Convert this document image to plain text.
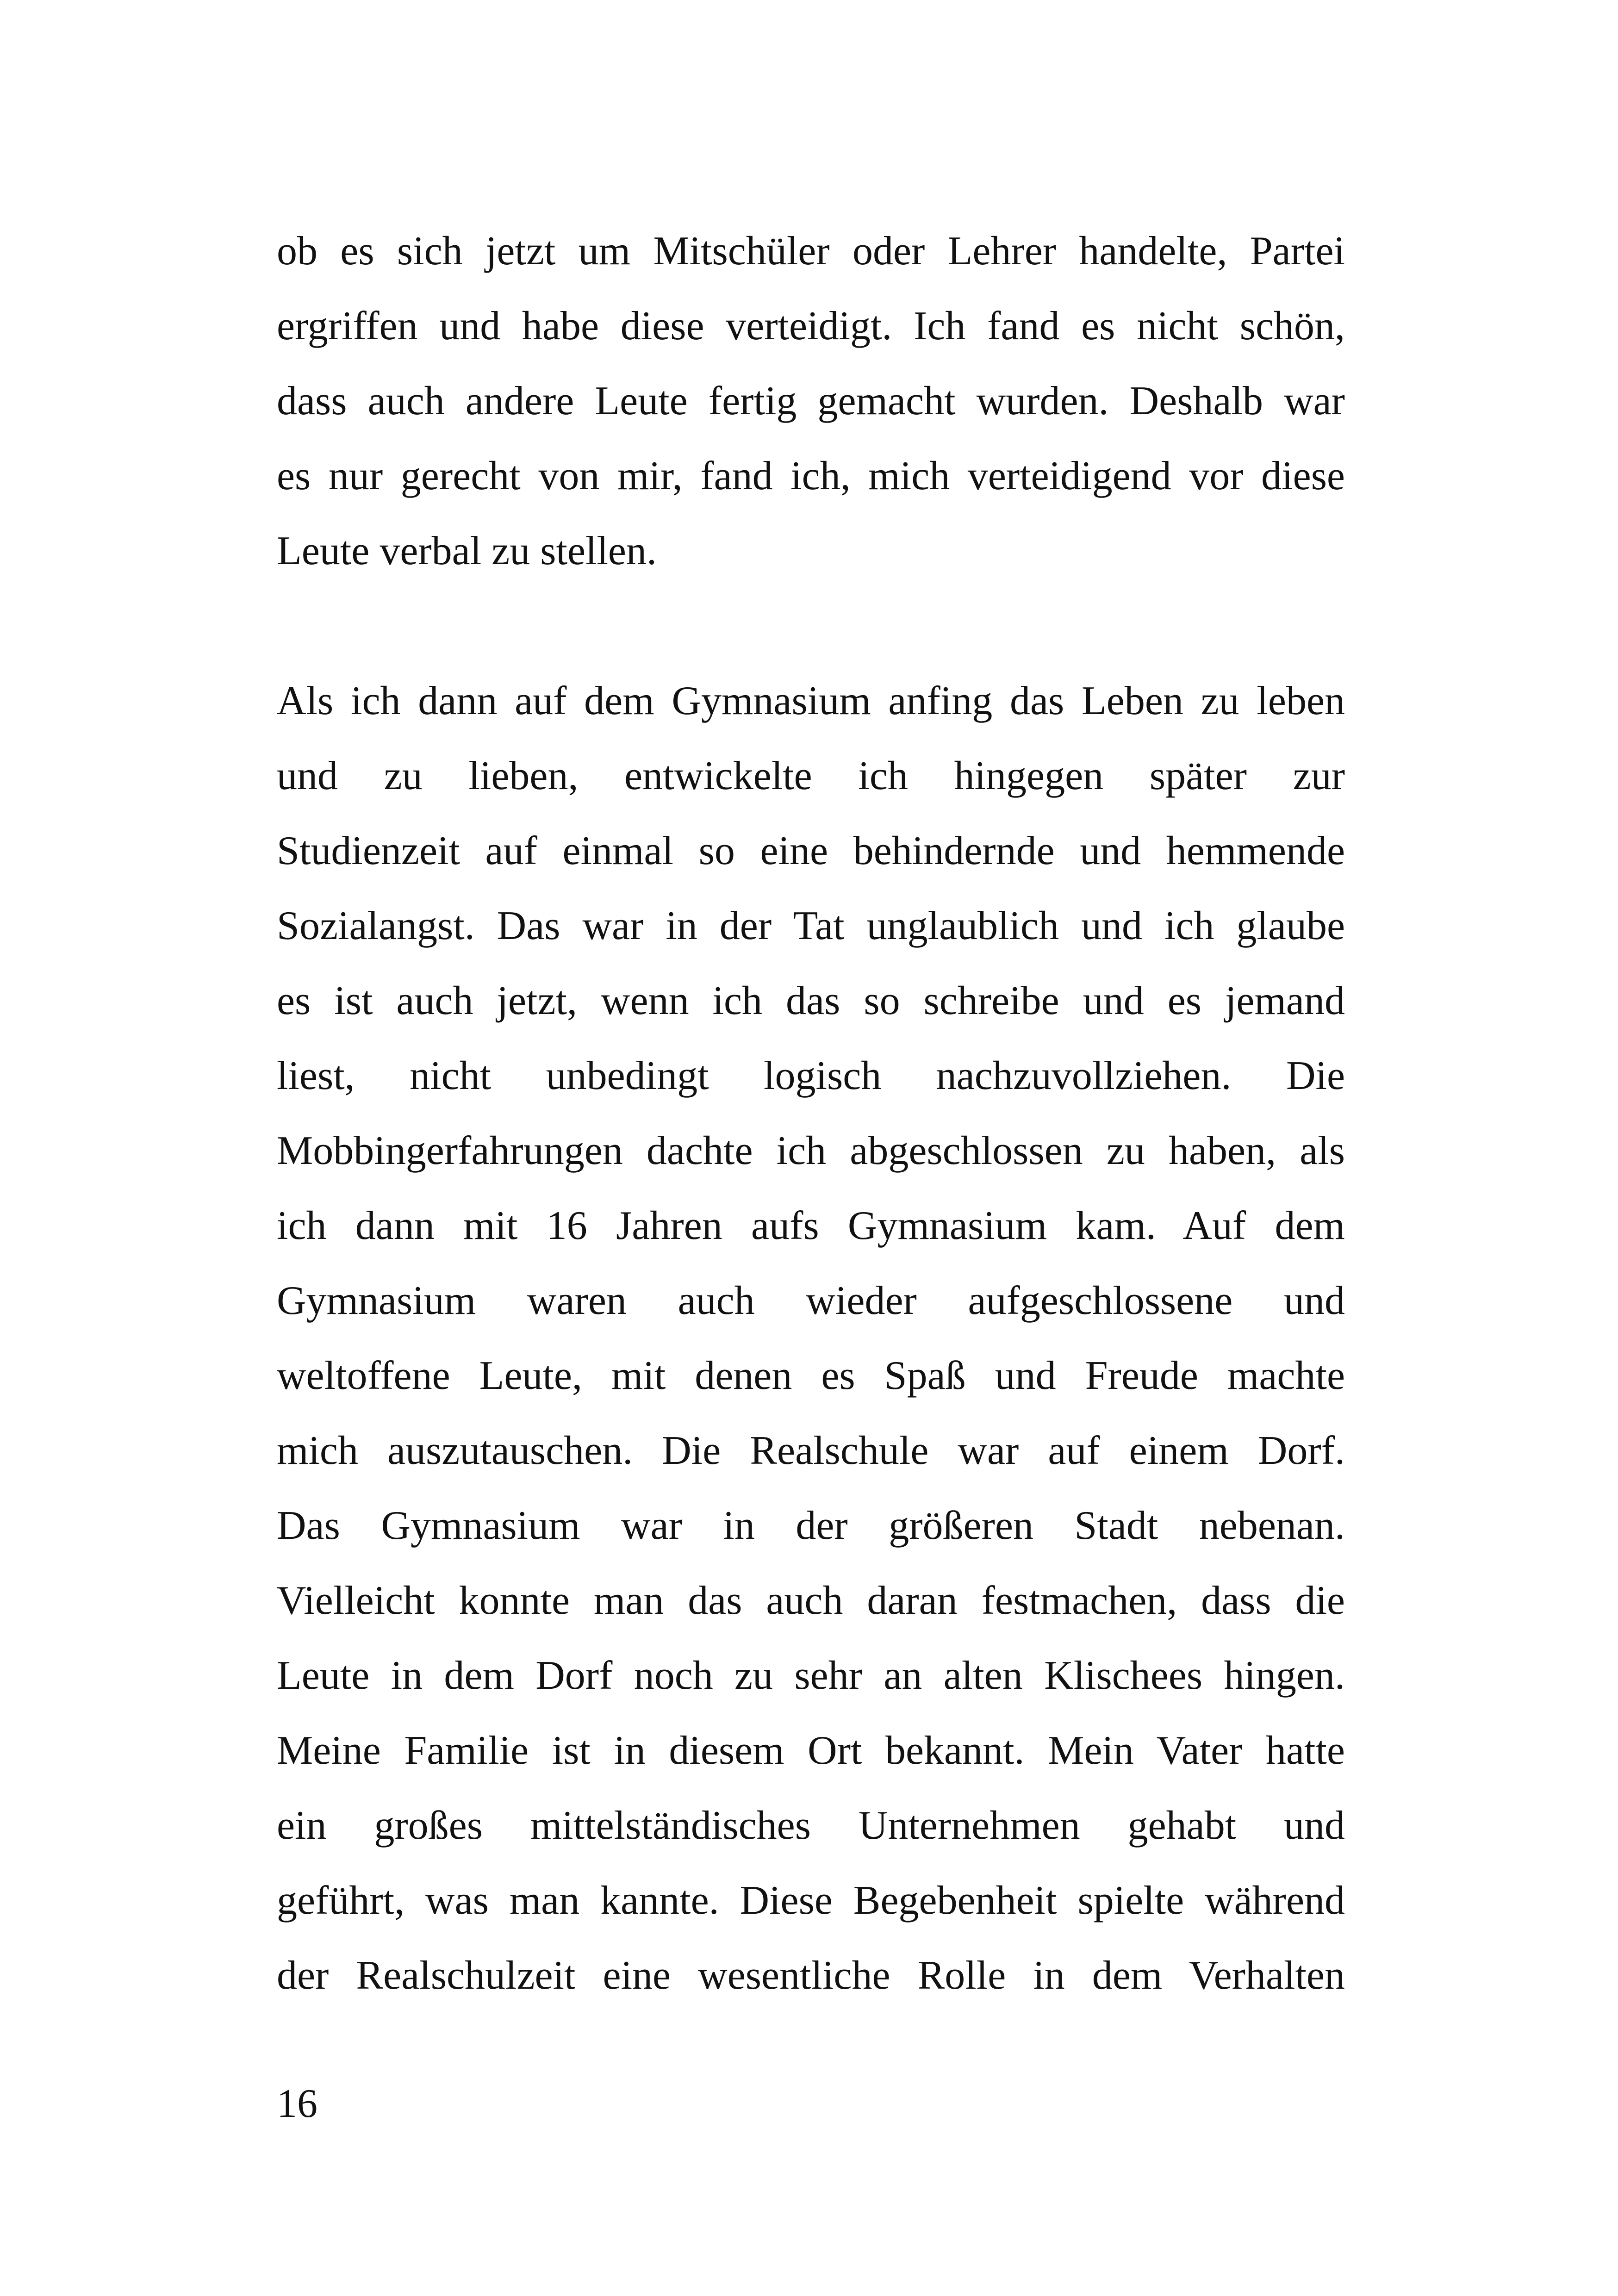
ob es sich jetzt um Mitschüler oder Lehrer handelte, Partei
ergriffen und habe diese verteidigt. Ich fand es nicht schön,
dass auch andere Leute fertig gemacht wurden. Deshalb war
es nur gerecht von mir, fand ich, mich verteidigend vor diese
Leute verbal zu stellen.
Als ich dann auf dem Gymnasium anfing das Leben zu leben
und zu lieben, entwickelte ich hingegen später zur
Studienzeit auf einmal so eine behindernde und hemmende
Sozialangst. Das war in der Tat unglaublich und ich glaube
es ist auch jetzt, wenn ich das so schreibe und es jemand
liest, nicht unbedingt logisch nachzuvollziehen. Die
Mobbingerfahrungen dachte ich abgeschlossen zu haben, als
ich dann mit 16 Jahren aufs Gymnasium kam. Auf dem
Gymnasium waren auch wieder aufgeschlossene und
weltoffene Leute, mit denen es Spaß und Freude machte
mich auszutauschen. Die Realschule war auf einem Dorf.
Das Gymnasium war in der größeren Stadt nebenan.
Vielleicht konnte man das auch daran festmachen, dass die
Leute in dem Dorf noch zu sehr an alten Klischees hingen.
Meine Familie ist in diesem Ort bekannt. Mein Vater hatte
ein großes mittelständisches Unternehmen gehabt und
geführt, was man kannte. Diese Begebenheit spielte während
der Realschulzeit eine wesentliche Rolle in dem Verhalten
16
